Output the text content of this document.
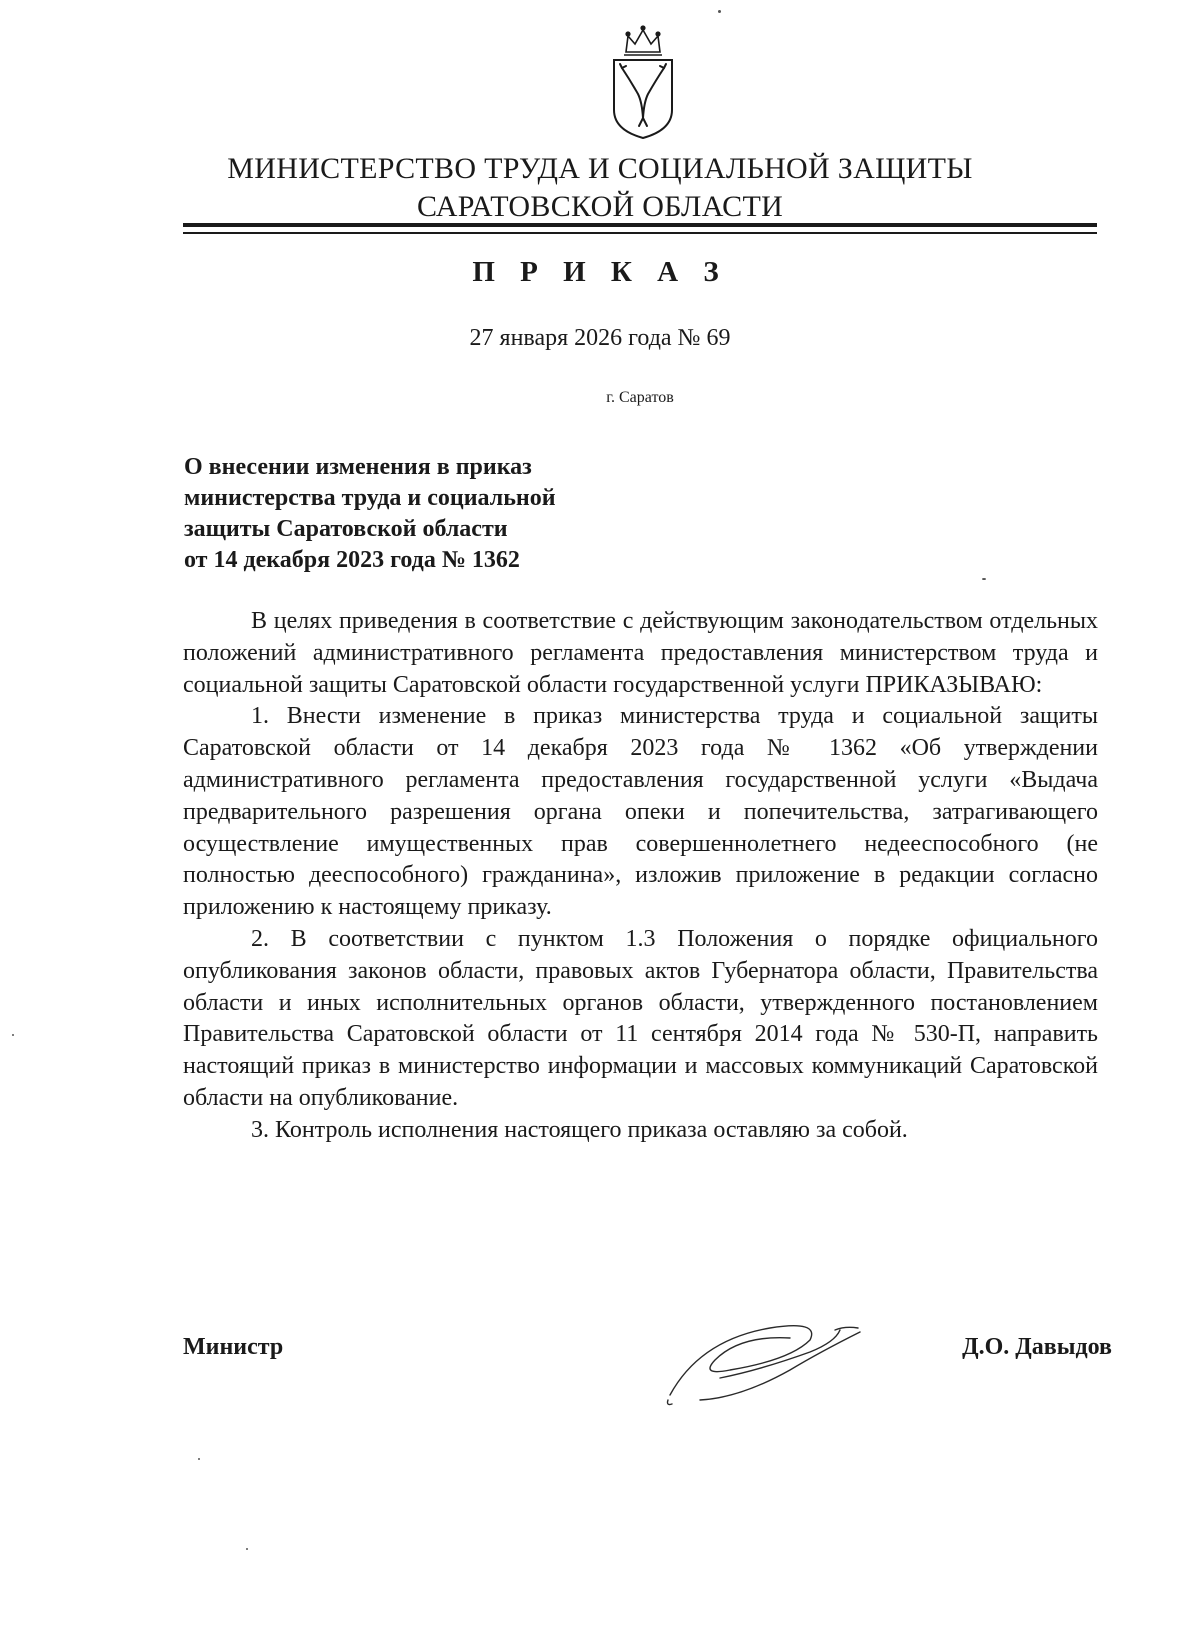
МИНИСТЕРСТВО ТРУДА И СОЦИАЛЬНОЙ ЗАЩИТЫ
САРАТОВСКОЙ ОБЛАСТИ
П Р И К А З
27 января 2026 года № 69
г. Саратов
О внесении изменения в приказ
министерства труда и социальной
защиты Саратовской области
от 14 декабря 2023 года № 1362

В целях приведения в соответствие с действующим законодательством отдельных положений административного регламента предоставления министерством труда и социальной защиты Саратовской области государственной услуги ПРИКАЗЫВАЮ:

1. Внести изменение в приказ министерства труда и социальной защиты Саратовской области от 14 декабря 2023 года № 1362 «Об утверждении административного регламента предоставления государственной услуги «Выдача предварительного разрешения органа опеки и попечительства, затрагивающего осуществление имущественных прав совершеннолетнего недееспособного (не полностью дееспособного) гражданина», изложив приложение в редакции согласно приложению к настоящему приказу.

2. В соответствии с пунктом 1.3 Положения о порядке официального опубликования законов области, правовых актов Губернатора области, Правительства области и иных исполнительных органов области, утвержденного постановлением Правительства Саратовской области от 11 сентября 2014 года № 530-П, направить настоящий приказ в министерство информации и массовых коммуникаций Саратовской области на опубликование.

3. Контроль исполнения настоящего приказа оставляю за собой.

Министр	Д.О. Давыдов
